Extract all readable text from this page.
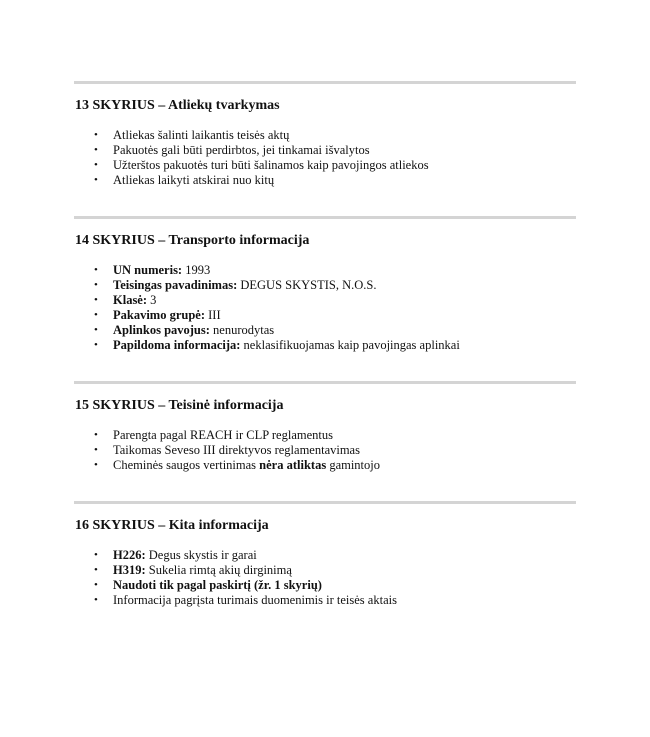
13 SKYRIUS – Atliekų tvarkymas
• Atliekas šalinti laikantis teisės aktų
• Pakuotės gali būti perdirbtos, jei tinkamai išvalytos
• Užterštos pakuotės turi būti šalinamos kaip pavojingos atliekos
• Atliekas laikyti atskirai nuo kitų
14 SKYRIUS – Transporto informacija
• UN numeris: 1993
• Teisingas pavadinimas: DEGUS SKYSTIS, N.O.S.
• Klasė: 3
• Pakavimo grupė: III
• Aplinkos pavojus: nenurodytas
• Papildoma informacija: neklasifikuojamas kaip pavojingas aplinkai
15 SKYRIUS – Teisinė informacija
• Parengta pagal REACH ir CLP reglamentus
• Taikomas Seveso III direktyvos reglamentavimas
• Cheminės saugos vertinimas nėra atliktas gamintojo
16 SKYRIUS – Kita informacija
• H226: Degus skystis ir garai
• H319: Sukelia rimtą akių dirginimą
• Naudoti tik pagal paskirtį (žr. 1 skyrių)
• Informacija pagrįsta turimais duomenimis ir teisės aktais
